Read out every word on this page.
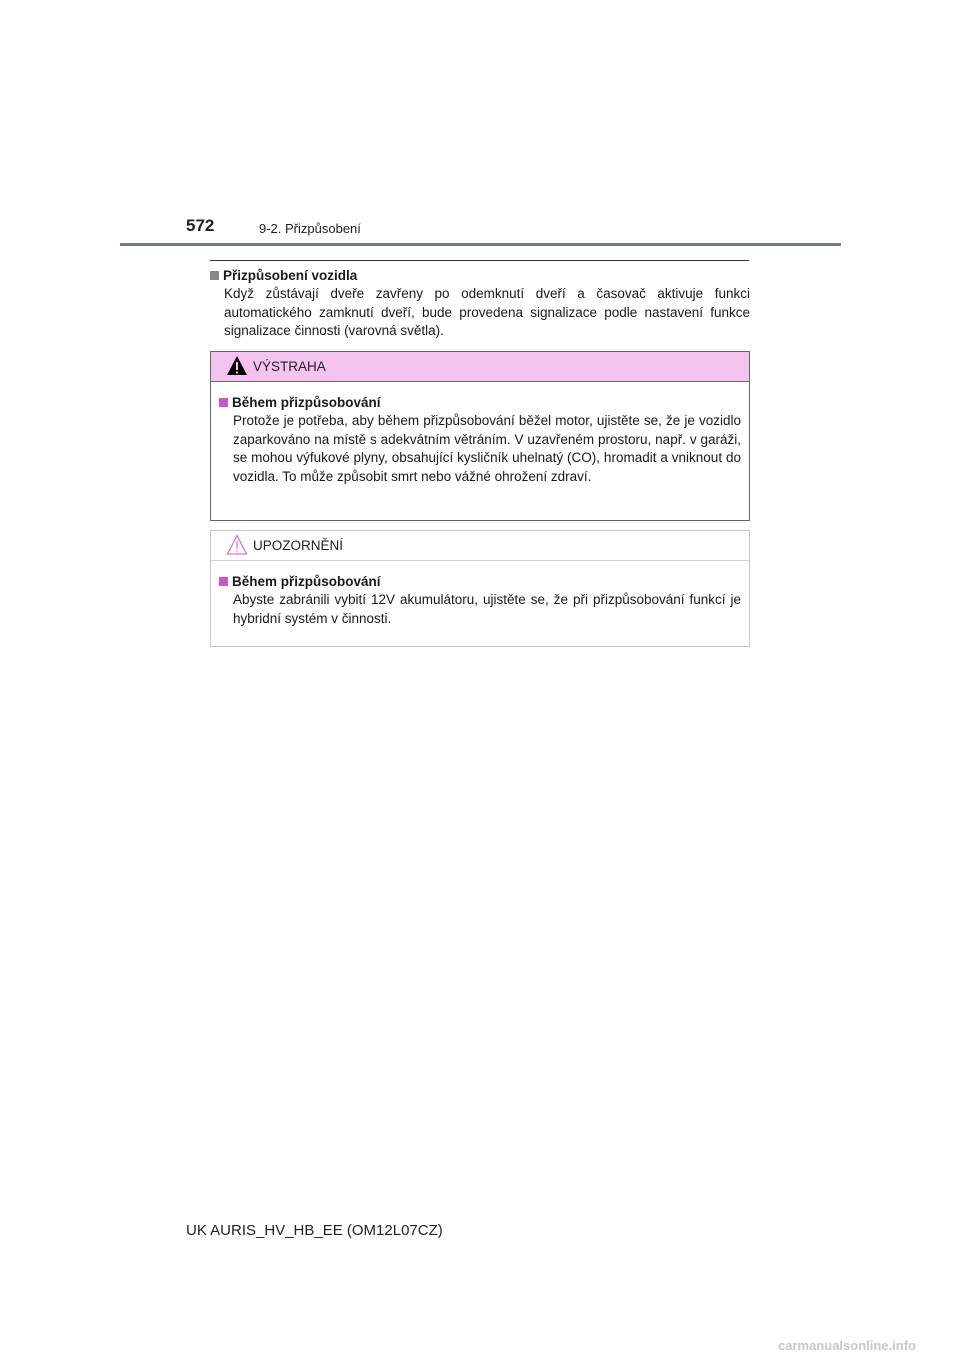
572	9-2. Přizpůsobení

Přizpůsobení vozidla

Když zůstávají dveře zavřeny po odemknutí dveří a časovač aktivuje funkci automatického zamknutí dveří, bude provedena signalizace podle nastavení funkce signalizace činnosti (varovná světla).

VÝSTRAHA

Během přizpůsobování

Protože je potřeba, aby během přizpůsobování běžel motor, ujistěte se, že je vozidlo zaparkováno na místě s adekvátním větráním. V uzavřeném prostoru, např. v garáži, se mohou výfukové plyny, obsahující kysličník uhelnatý (CO), hromadit a vniknout do vozidla. To může způsobit smrt nebo vážné ohrožení zdraví.

UPOZORNĚNÍ

Během přizpůsobování

Abyste zabránili vybití 12V akumulátoru, ujistěte se, že při přizpůsobování funkcí je hybridní systém v činnosti.

UK AURIS_HV_HB_EE (OM12L07CZ)
carmanualsonline.info
